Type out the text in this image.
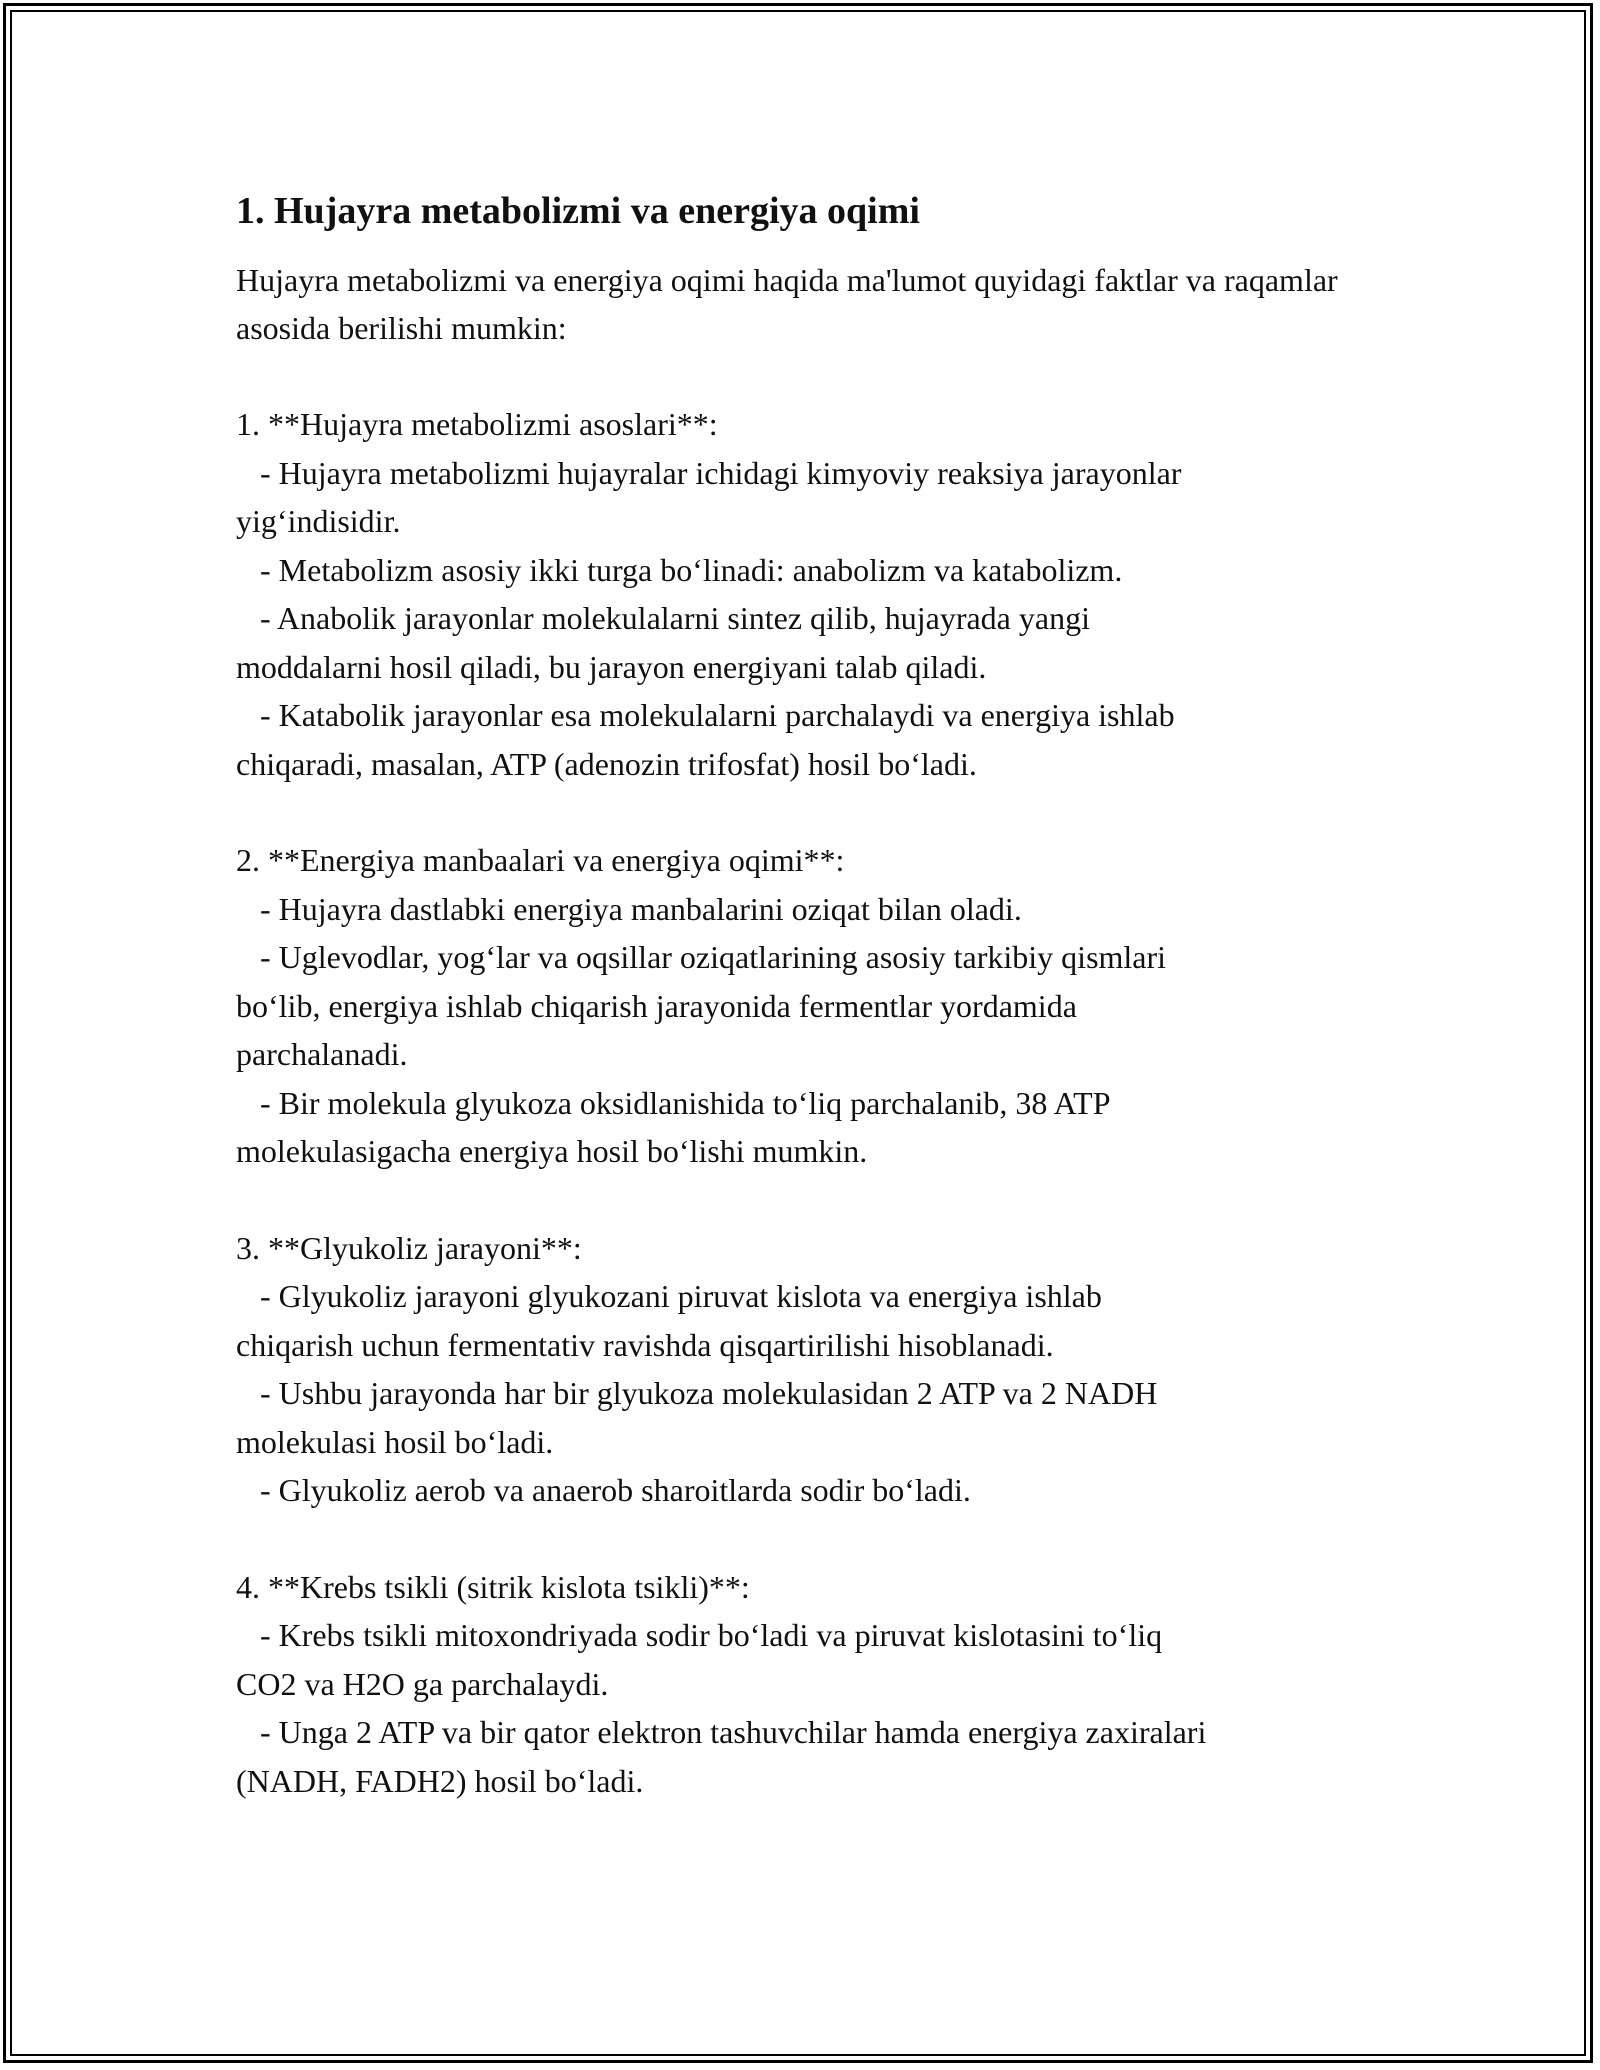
1. Hujayra metabolizmi va energiya oqimi

Hujayra metabolizmi va energiya oqimi haqida ma'lumot quyidagi faktlar va raqamlar asosida berilishi mumkin:

1. **Hujayra metabolizmi asoslari**:

- Hujayra metabolizmi hujayralar ichidagi kimyoviy reaksiya jarayonlar

yig‘indisidir.

- Metabolizm asosiy ikki turga bo‘linadi: anabolizm va katabolizm.

- Anabolik jarayonlar molekulalarni sintez qilib, hujayrada yangi

moddalarni hosil qiladi, bu jarayon energiyani talab qiladi.

- Katabolik jarayonlar esa molekulalarni parchalaydi va energiya ishlab

chiqaradi, masalan, ATP (adenozin trifosfat) hosil bo‘ladi.

2. **Energiya manbaalari va energiya oqimi**:

- Hujayra dastlabki energiya manbalarini oziqat bilan oladi.

- Uglevodlar, yog‘lar va oqsillar oziqatlarining asosiy tarkibiy qismlari

bo‘lib, energiya ishlab chiqarish jarayonida fermentlar yordamida

parchalanadi.

- Bir molekula glyukoza oksidlanishida to‘liq parchalanib, 38 ATP

molekulasigacha energiya hosil bo‘lishi mumkin.

3. **Glyukoliz jarayoni**:

- Glyukoliz jarayoni glyukozani piruvat kislota va energiya ishlab

chiqarish uchun fermentativ ravishda qisqartirilishi hisoblanadi.

- Ushbu jarayonda har bir glyukoza molekulasidan 2 ATP va 2 NADH

molekulasi hosil bo‘ladi.

- Glyukoliz aerob va anaerob sharoitlarda sodir bo‘ladi.

4. **Krebs tsikli (sitrik kislota tsikli)**:

- Krebs tsikli mitoxondriyada sodir bo‘ladi va piruvat kislotasini to‘liq

CO2 va H2O ga parchalaydi.

- Unga 2 ATP va bir qator elektron tashuvchilar hamda energiya zaxiralari

(NADH, FADH2) hosil bo‘ladi.
